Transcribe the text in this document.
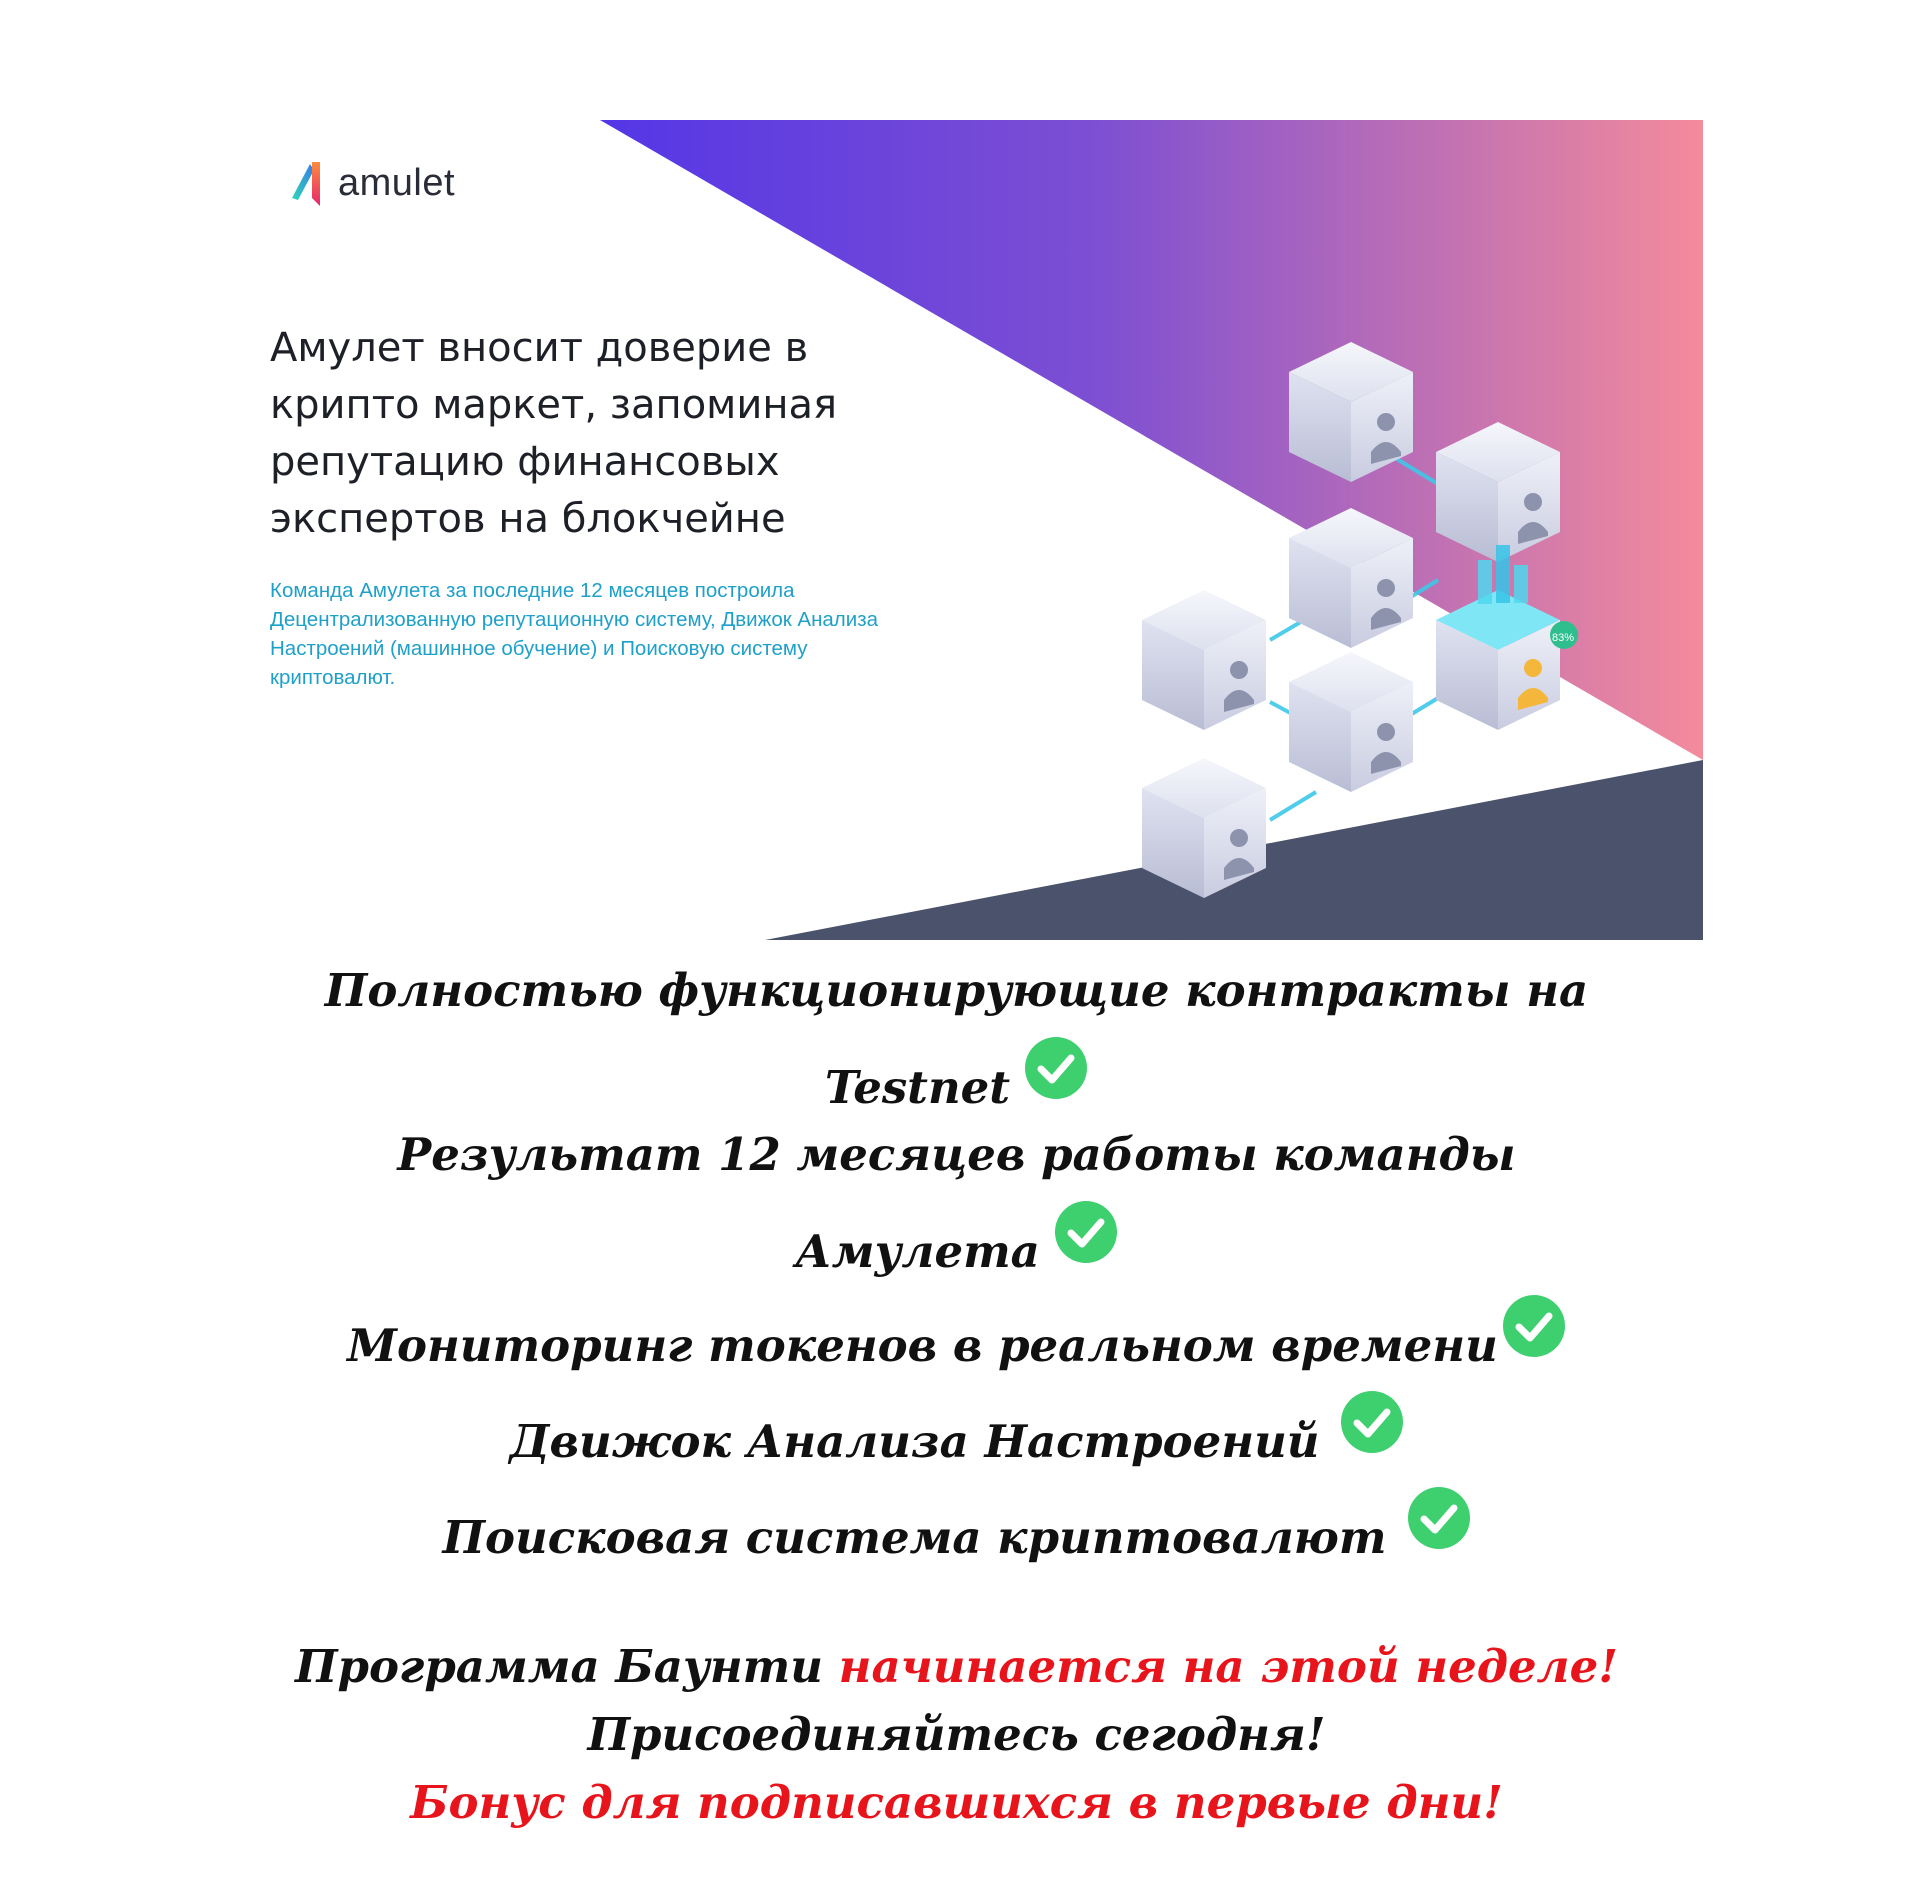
83%
amulet
Амулет вносит доверие в
крипто маркет, запоминая
репутацию финансовых
экспертов на блокчейне
Команда Амулета за последние 12 месяцев построила
Децентрализованную репутационную систему, Движок Анализа
Настроений (машинное обучение) и Поисковую систему
криптовалют.
Полностью функционирующие контракты на
Testnet
Результат 12 месяцев работы команды
Амулета
Мониторинг токенов в реальном времени
Движок Анализа Настроений
Поисковая система криптовалют
Программа Баунти начинается на этой неделе!
Присоединяйтесь сегодня!
Бонус для подписавшихся в первые дни!
